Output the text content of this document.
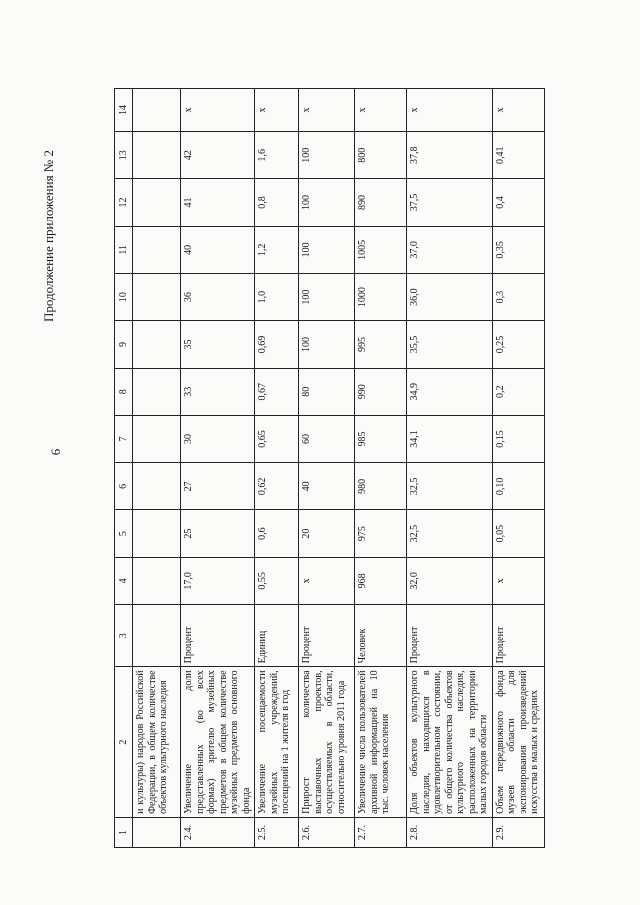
6
Продолжение приложения № 2
1	2	3	4	5	6	7	8	9	10	11	12	13	14
	и культуры) народов Российской Федерации, в общем количестве объектов культурного наследия												
2.4.	Увеличение доли представленных (во всех формах) зрителю музейных предметов в общем количестве музейных предметов основного фонда	Процент	17,0	25	27	30	33	35	36	40	41	42	х
2.5.	Увеличение посещаемости музейных учреждений, посещений на 1 жителя в год	Единиц	0,55	0,6	0,62	0,65	0,67	0,69	1,0	1,2	0,8	1,6	х
2.6.	Прирост количества выставочных проектов, осуществляемых в области, относительно уровня 2011 года	Процент	х	20	40	60	80	100	100	100	100	100	х
2.7.	Увеличение числа пользователей архивной информацией на 10 тыс. человек населения	Человек	968	975	980	985	990	995	1000	1005	890	800	х
2.8.	Доля объектов культурного наследия, находящихся в удовлетворительном состоянии, от общего количества объектов культурного наследия, расположенных на территории малых городов области	Процент	32,0	32,5	32,5	34,1	34,9	35,5	36,0	37,0	37,5	37,8	х
2.9.	Объем передвижного фонда музеев области для экспонирования произведений искусства в малых и средних	Процент	х	0,05	0,10	0,15	0,2	0,25	0,3	0,35	0,4	0,41	х
